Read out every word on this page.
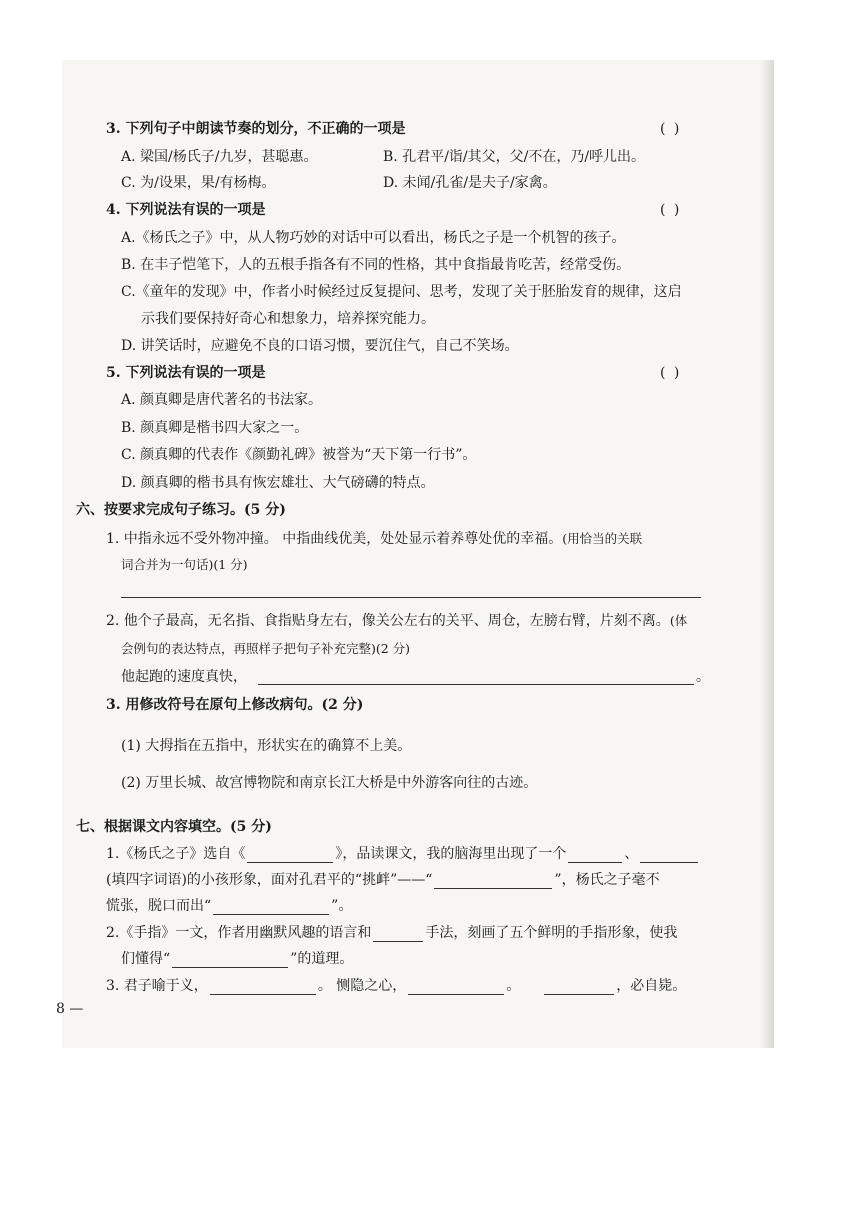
3. 下列句子中朗读节奏的划分，不正确的一项是	( )
A. 梁国/杨氏子/九岁，甚聪惠。	B. 孔君平/诣/其父，父/不在，乃/呼儿出。
C. 为/设果，果/有杨梅。	D. 未闻/孔雀/是夫子/家禽。
4. 下列说法有误的一项是	( )
A.《杨氏之子》中，从人物巧妙的对话中可以看出，杨氏之子是一个机智的孩子。
B. 在丰子恺笔下，人的五根手指各有不同的性格，其中食指最肯吃苦，经常受伤。
C.《童年的发现》中，作者小时候经过反复提问、思考，发现了关于胚胎发育的规律，这启
示我们要保持好奇心和想象力，培养探究能力。
D. 讲笑话时，应避免不良的口语习惯，要沉住气，自己不笑场。
5. 下列说法有误的一项是	( )
A. 颜真卿是唐代著名的书法家。
B. 颜真卿是楷书四大家之一。
C. 颜真卿的代表作《颜勤礼碑》被誉为“天下第一行书”。
D. 颜真卿的楷书具有恢宏雄壮、大气磅礴的特点。
六、按要求完成句子练习。(5 分)
1. 中指永远不受外物冲撞。 中指曲线优美，处处显示着养尊处优的幸福。(用恰当的关联
词合并为一句话)(1 分)
2. 他个子最高，无名指、食指贴身左右，像关公左右的关平、周仓，左膀右臂，片刻不离。(体
会例句的表达特点，再照样子把句子补充完整)(2 分)
他起跑的速度真快，	。
3. 用修改符号在原句上修改病句。(2 分)
(1) 大拇指在五指中，形状实在的确算不上美。
(2) 万里长城、故宫博物院和南京长江大桥是中外游客向往的古迹。
七、根据课文内容填空。(5 分)
1.《杨氏之子》选自《	》，品读课文，我的脑海里出现了一个	、
(填四字词语)的小孩形象，面对孔君平的“挑衅”——“	”，杨氏之子毫不
慌张，脱口而出“	”。
2.《手指》一文，作者用幽默风趣的语言和	手法，刻画了五个鲜明的手指形象，使我
们懂得“	”的道理。
3. 君子喻于义，	。 恻隐之心，	。	，必自毙。
8 —
